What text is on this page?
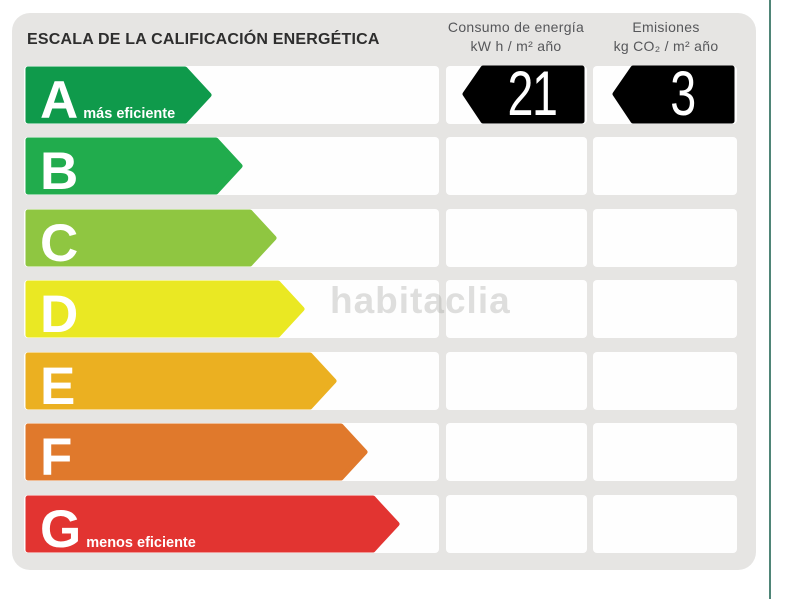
ESCALA DE LA CALIFICACIÓN ENERGÉTICA
Consumo de energía
kW h / m² año
Emisiones
kg CO₂ / m² año
Amás eficiente
B
C
D
E
F
Gmenos eficiente
21	3
habitaclia
